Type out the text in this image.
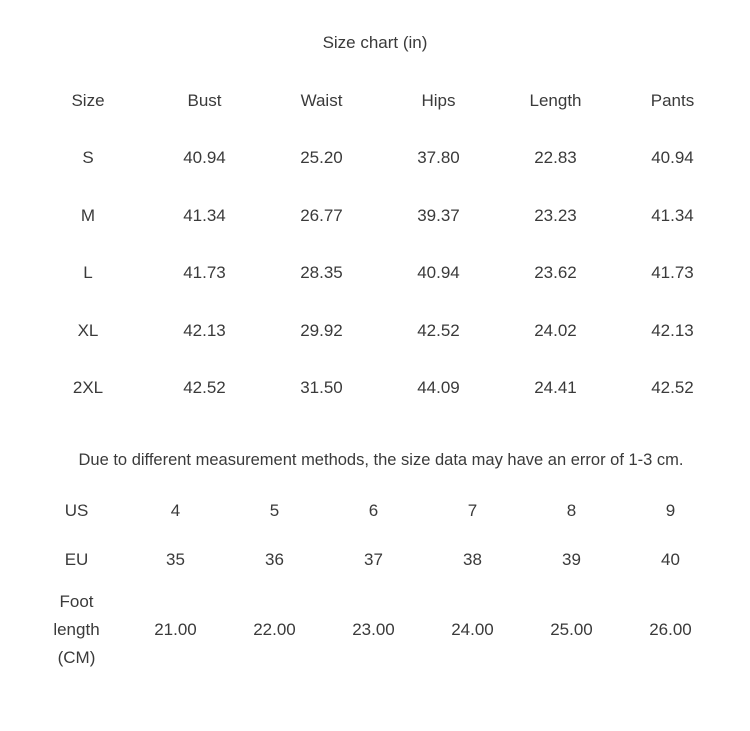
Size chart (in)
Size	Bust	Waist	Hips	Length	Pants
S	40.94	25.20	37.80	22.83	40.94
M	41.34	26.77	39.37	23.23	41.34
L	41.73	28.35	40.94	23.62	41.73
XL	42.13	29.92	42.52	24.02	42.13
2XL	42.52	31.50	44.09	24.41	42.52
Due to different measurement methods, the size data may have an error of 1-3 cm.
US	4	5	6	7	8	9
EU	35	36	37	38	39	40

Foot
length
(CM)	21.00	22.00	23.00	24.00	25.00	26.00
